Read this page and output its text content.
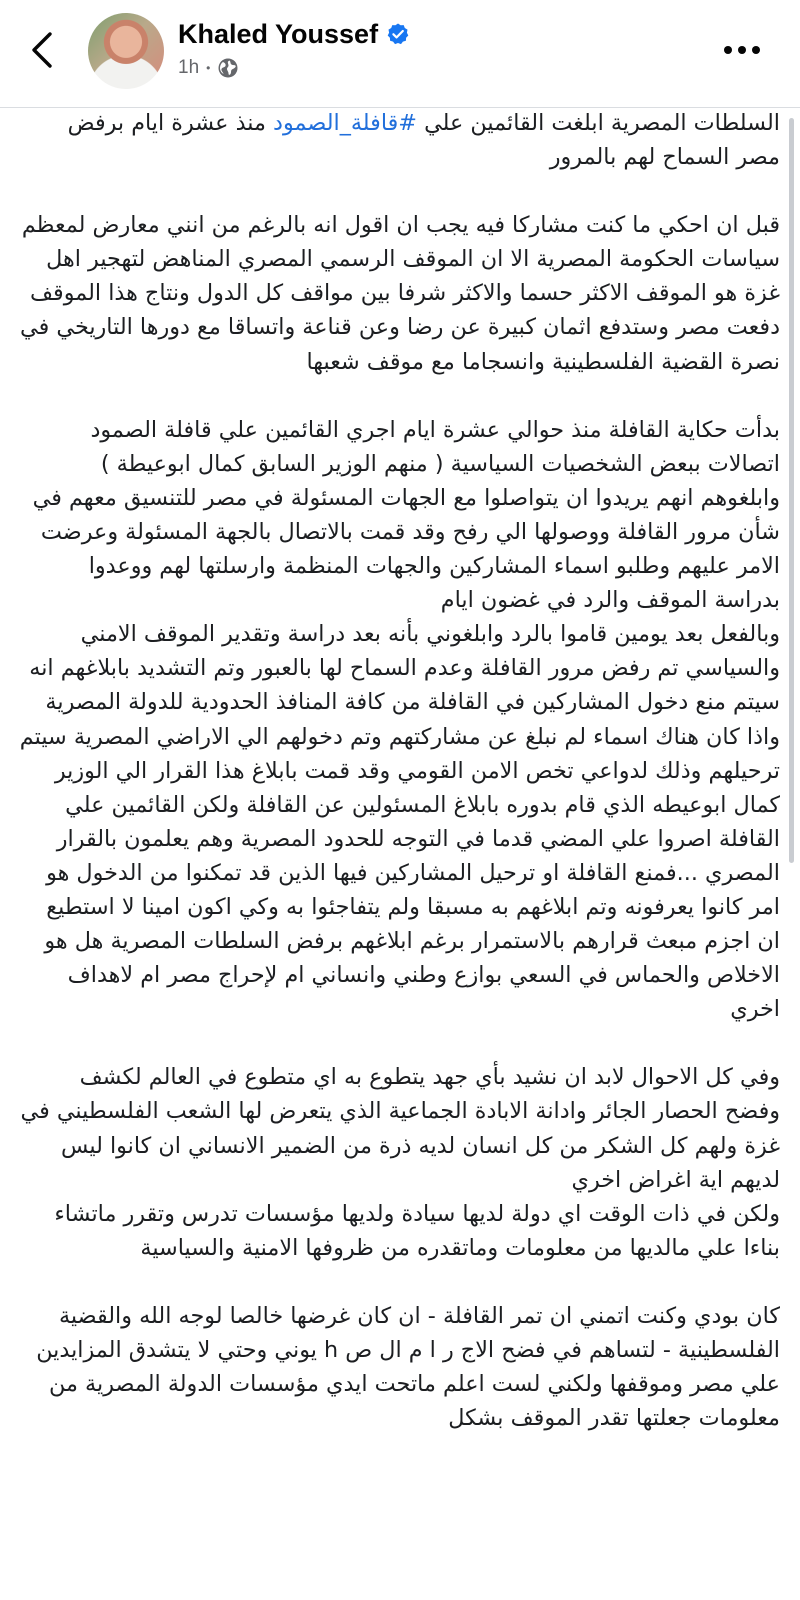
Khaled Youssef
1h •

السلطات المصرية ابلغت القائمين علي #قافلة_الصمود منذ عشرة ايام برفض مصر السماح لهم بالمرور

قبل ان احكي ما كنت مشاركا فيه يجب ان اقول انه بالرغم من انني معارض لمعظم سياسات الحكومة المصرية الا ان الموقف الرسمي المصري المناهض لتهجير اهل غزة هو الموقف الاكثر حسما والاكثر شرفا بين مواقف كل الدول ونتاج هذا الموقف دفعت مصر وستدفع اثمان كبيرة عن رضا وعن قناعة واتساقا مع دورها التاريخي في نصرة القضية الفلسطينية وانسجاما مع موقف شعبها

بدأت حكاية القافلة منذ حوالي عشرة ايام اجري القائمين علي قافلة الصمود اتصالات ببعض الشخصيات السياسية ( منهم الوزير السابق كمال ابوعيطة ) وابلغوهم انهم يريدوا ان يتواصلوا مع الجهات المسئولة في مصر للتنسيق معهم في شأن مرور القافلة ووصولها الي رفح وقد قمت بالاتصال بالجهة المسئولة وعرضت الامر عليهم وطلبو اسماء المشاركين والجهات المنظمة وارسلتها لهم ووعدوا بدراسة الموقف والرد في غضون ايام

وبالفعل بعد يومين قاموا بالرد وابلغوني بأنه بعد دراسة وتقدير الموقف الامني والسياسي تم رفض مرور القافلة وعدم السماح لها بالعبور وتم التشديد بابلاغهم انه سيتم منع دخول المشاركين في القافلة من كافة المنافذ الحدودية للدولة المصرية واذا كان هناك اسماء لم نبلغ عن مشاركتهم وتم دخولهم الي الاراضي المصرية سيتم ترحيلهم وذلك لدواعي تخص الامن القومي وقد قمت بابلاغ هذا القرار الي الوزير كمال ابوعيطه الذي قام بدوره بابلاغ المسئولين عن القافلة ولكن القائمين علي القافلة اصروا علي المضي قدما في التوجه للحدود المصرية وهم يعلمون بالقرار المصري ...فمنع القافلة او ترحيل المشاركين فيها الذين قد تمكنوا من الدخول هو امر كانوا يعرفونه وتم ابلاغهم به مسبقا ولم يتفاجئوا به وكي اكون امينا لا استطيع ان اجزم مبعث قرارهم بالاستمرار برغم ابلاغهم برفض السلطات المصرية هل هو الاخلاص والحماس في السعي بوازع وطني وانساني ام لإحراج مصر ام لاهداف اخري

وفي كل الاحوال لابد ان نشيد بأي جهد يتطوع به اي متطوع في العالم لكشف وفضح الحصار الجائر وادانة الابادة الجماعية الذي يتعرض لها الشعب الفلسطيني في غزة ولهم كل الشكر من كل انسان لديه ذرة من الضمير الانساني ان كانوا ليس لديهم اية اغراض اخري

ولكن في ذات الوقت اي دولة لديها سيادة ولديها مؤسسات تدرس وتقرر ماتشاء بناءا علي مالديها من معلومات وماتقدره من ظروفها الامنية والسياسية

كان بودي وكنت اتمني ان تمر القافلة - ان كان غرضها خالصا لوجه الله والقضية الفلسطينية - لتساهم في فضح الاج ر ا م ال ص h يوني وحتي لا يتشدق المزايدين علي مصر وموقفها ولكني لست اعلم ماتحت ايدي مؤسسات الدولة المصرية من معلومات جعلتها تقدر الموقف بشكل
